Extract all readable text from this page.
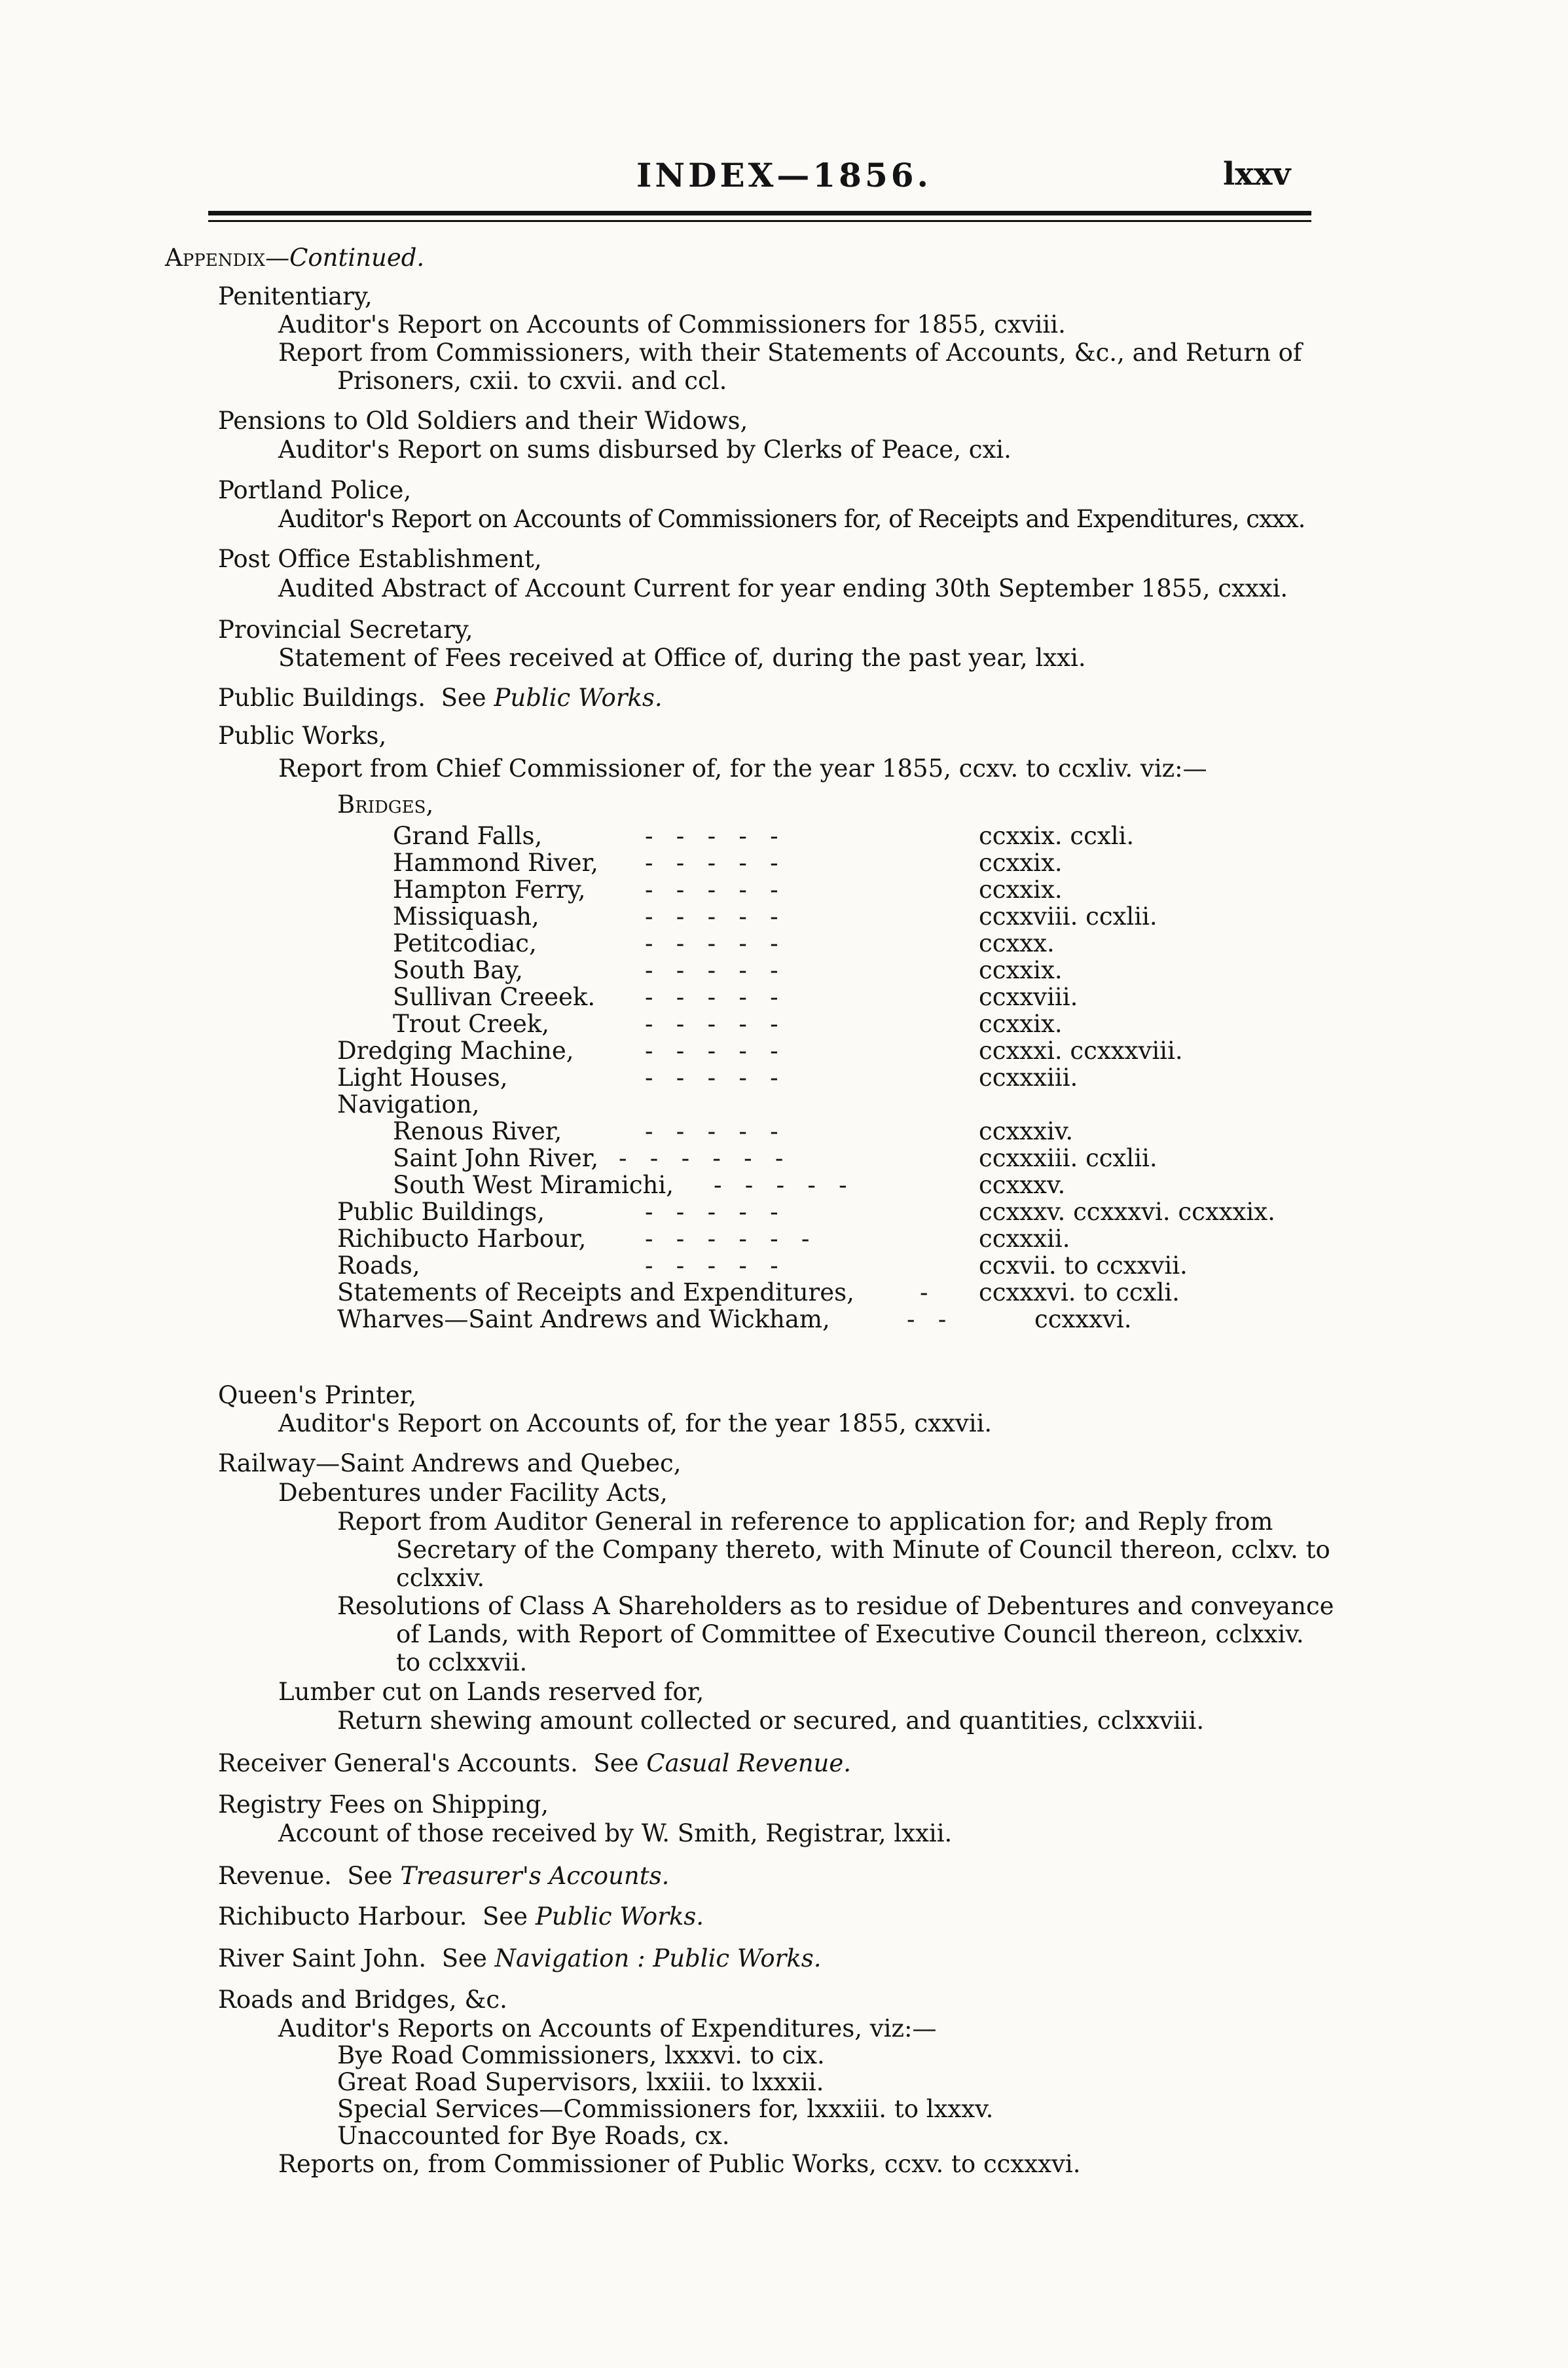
INDEX—1856.	lxxv
Appendix—Continued.
Penitentiary,
Auditor's Report on Accounts of Commissioners for 1855, cxviii.
Report from Commissioners, with their Statements of Accounts, &c., and Return of
Prisoners, cxii. to cxvii. and ccl.
Pensions to Old Soldiers and their Widows,
Auditor's Report on sums disbursed by Clerks of Peace, cxi.
Portland Police,
Auditor's Report on Accounts of Commissioners for, of Receipts and Expenditures, cxxx.
Post Office Establishment,
Audited Abstract of Account Current for year ending 30th September 1855, cxxxi.
Provincial Secretary,
Statement of Fees received at Office of, during the past year, lxxi.
Public Buildings. See Public Works.
Public Works,
Report from Chief Commissioner of, for the year 1855, ccxv. to ccxliv. viz:—
Bridges,
Grand Falls,	-   -   -   -   -	ccxxix. ccxli.
Hammond River, -   -   -   -   -	ccxxix.
Hampton Ferry, -   -   -   -   -	ccxxix.
Missiquash,	-   -   -   -   -	ccxxviii. ccxlii.
Petitcodiac,	-   -   -   -   -	ccxxx.
South Bay,	-   -   -   -   -	ccxxix.
Sullivan Creeek. -   -   -   -   -	ccxxviii.
Trout Creek,	-   -   -   -   -	ccxxix.
Dredging Machine,	-   -   -   -   -	ccxxxi. ccxxxviii.
Light Houses,	-   -   -   -   -	ccxxxiii.
Navigation,
Renous River,	-   -   -   -   -	ccxxxiv.
Saint John River, -   -   -   -   -   -	ccxxxiii. ccxlii.
South West Miramichi, -   -   -   -   -	ccxxxv.
Public Buildings,	-   -   -   -   -	ccxxxv. ccxxxvi. ccxxxix.
Richibucto Harbour, -   -   -   -   -   -	ccxxxii.
Roads,	-   -   -   -   -	ccxvii. to ccxxvii.
Statements of Receipts and Expenditures,	- ccxxxvi. to ccxli.
Wharves—Saint Andrews and Wickham,	-   -	ccxxxvi.
Queen's Printer,
Auditor's Report on Accounts of, for the year 1855, cxxvii.
Railway—Saint Andrews and Quebec,
Debentures under Facility Acts,
Report from Auditor General in reference to application for; and Reply from
Secretary of the Company thereto, with Minute of Council thereon, cclxv. to
cclxxiv.
Resolutions of Class A Shareholders as to residue of Debentures and conveyance
of Lands, with Report of Committee of Executive Council thereon, cclxxiv.
to cclxxvii.
Lumber cut on Lands reserved for,
Return shewing amount collected or secured, and quantities, cclxxviii.
Receiver General's Accounts. See Casual Revenue.
Registry Fees on Shipping,
Account of those received by W. Smith, Registrar, lxxii.
Revenue. See Treasurer's Accounts.
Richibucto Harbour. See Public Works.
River Saint John. See Navigation : Public Works.
Roads and Bridges, &c.
Auditor's Reports on Accounts of Expenditures, viz:—
Bye Road Commissioners, lxxxvi. to cix.
Great Road Supervisors, lxxiii. to lxxxii.
Special Services—Commissioners for, lxxxiii. to lxxxv.
Unaccounted for Bye Roads, cx.
Reports on, from Commissioner of Public Works, ccxv. to ccxxxvi.
